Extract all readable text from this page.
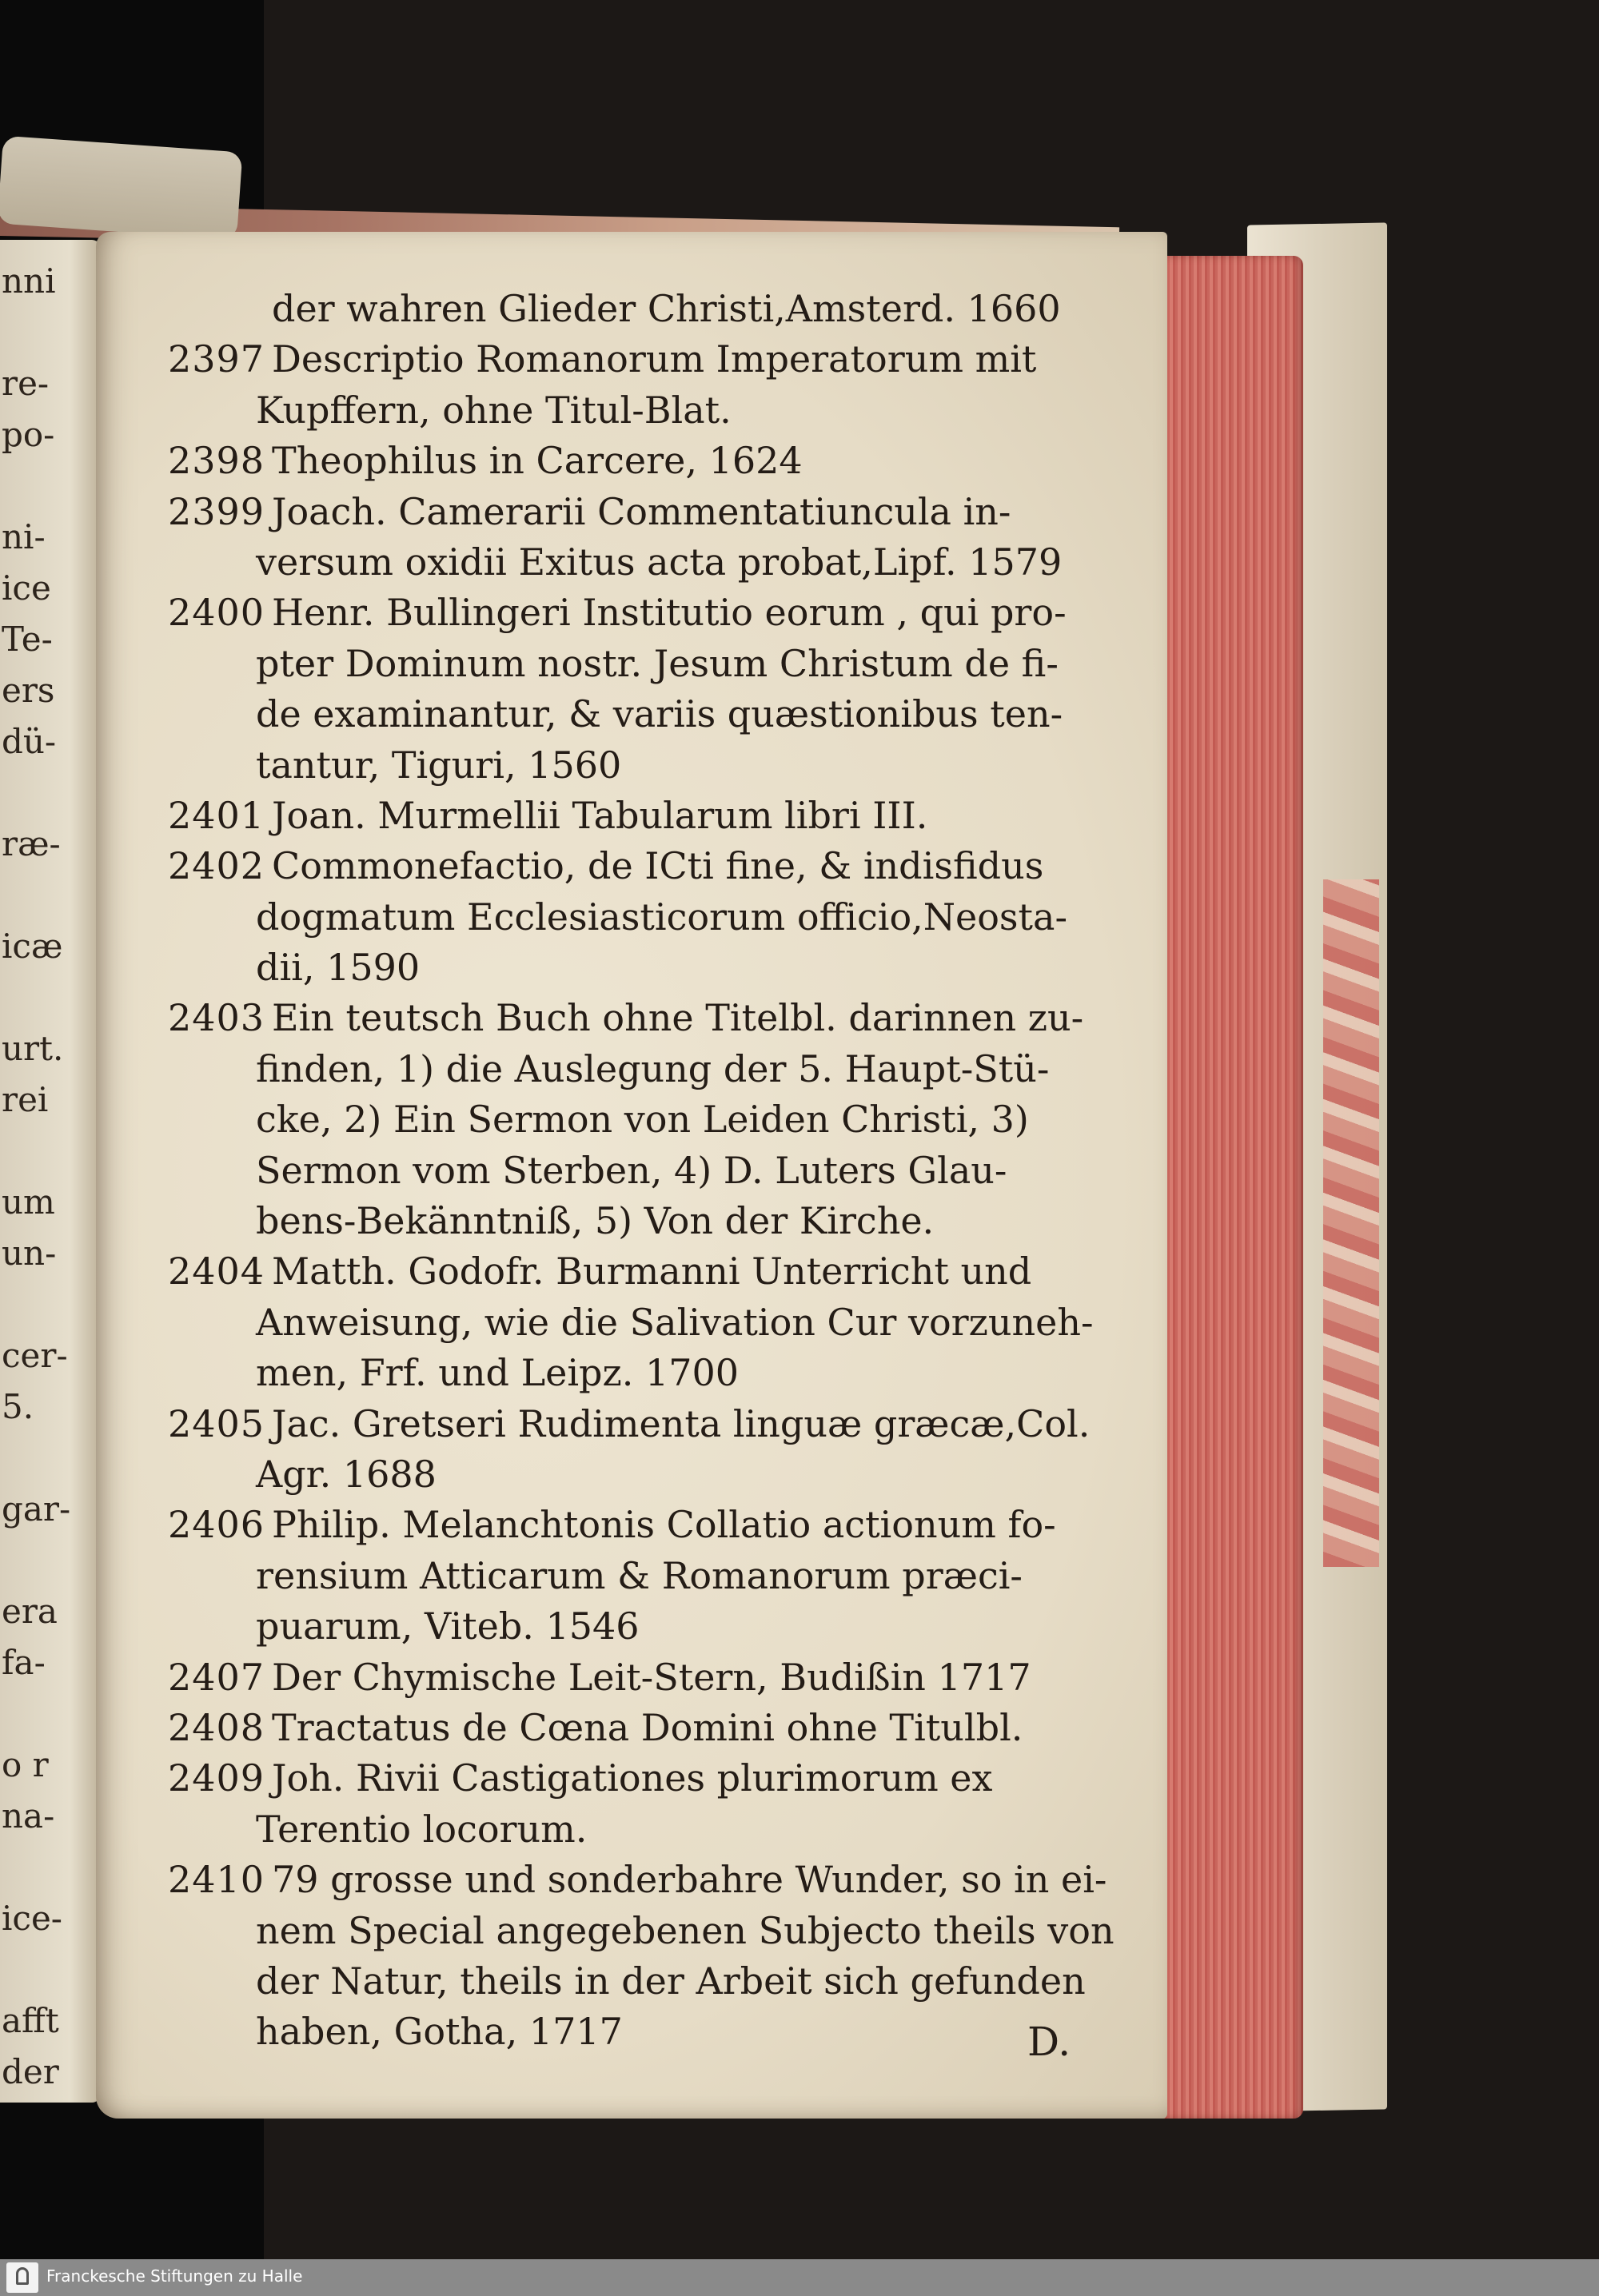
nni
re-
po-
ni-
ice
Te-
ers
dü-
ræ-
icæ
urt.
rei
um
un-
cer-
5.
gar-
era
fa-
o r
na-
ice-
afft
der
der wahren Glieder Christi,Amsterd. 1660
2397 Descriptio Romanorum Imperatorum mit
Kupffern, ohne Titul-Blat.
2398 Theophilus in Carcere, 1624
2399 Joach. Camerarii Commentatiuncula in-
versum oxidii Exitus acta probat,Lipf. 1579
2400 Henr. Bullingeri Institutio eorum , qui pro-
pter Dominum nostr. Jesum Christum de fi-
de examinantur, & variis quæstionibus ten-
tantur, Tiguri, 1560
2401 Joan. Murmellii Tabularum libri III.
2402 Commonefactio, de ICti fine, & indisfidus
dogmatum Ecclesiasticorum officio,Neosta-
dii, 1590
2403 Ein teutsch Buch ohne Titelbl. darinnen zu-
finden, 1) die Auslegung der 5. Haupt-Stü-
cke, 2) Ein Sermon von Leiden Christi, 3)
Sermon vom Sterben, 4) D. Luters Glau-
bens-Bekänntniß, 5) Von der Kirche.
2404 Matth. Godofr. Burmanni Unterricht und
Anweisung, wie die Salivation Cur vorzuneh-
men, Frf. und Leipz. 1700
2405 Jac. Gretseri Rudimenta linguæ græcæ,Col.
Agr. 1688
2406 Philip. Melanchtonis Collatio actionum fo-
rensium Atticarum & Romanorum præci-
puarum, Viteb. 1546
2407 Der Chymische Leit-Stern, Budißin 1717
2408 Tractatus de Cœna Domini ohne Titulbl.
2409 Joh. Rivii Castigationes plurimorum ex
Terentio locorum.
2410 79 grosse und sonderbahre Wunder, so in ei-
nem Special angegebenen Subjecto theils von
der Natur, theils in der Arbeit sich gefunden
haben, Gotha, 1717	D.
Franckesche Stiftungen zu Halle
